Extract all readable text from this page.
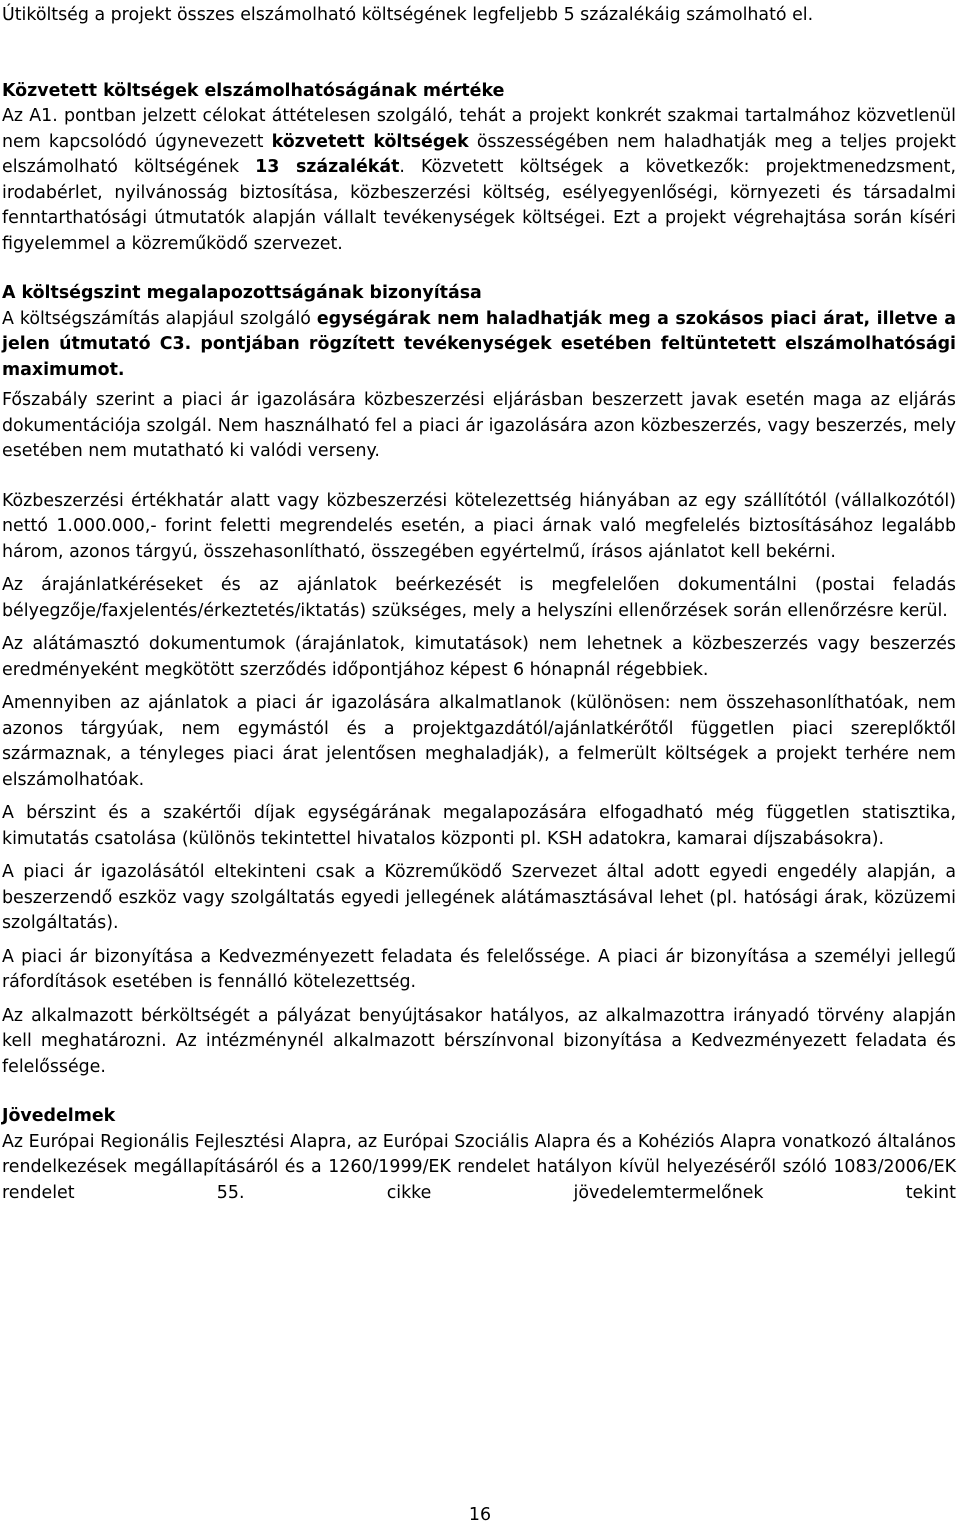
Útiköltség a projekt összes elszámolható költségének legfeljebb 5 százalékáig számolható el.

Közvetett költségek elszámolhatóságának mértéke

Az A1. pontban jelzett célokat áttételesen szolgáló, tehát a projekt konkrét szakmai tartalmához közvetlenül nem kapcsolódó úgynevezett közvetett költségek összességében nem haladhatják meg a teljes projekt elszámolható költségének 13 százalékát. Közvetett költségek a következők: projektmenedzsment, irodabérlet, nyilvánosság biztosítása, közbeszerzési költség, esélyegyenlőségi, környezeti és társadalmi fenntarthatósági útmutatók alapján vállalt tevékenységek költségei. Ezt a projekt végrehajtása során kíséri figyelemmel a közreműködő szervezet.

A költségszint megalapozottságának bizonyítása

A költségszámítás alapjául szolgáló egységárak nem haladhatják meg a szokásos piaci árat, illetve a jelen útmutató C3. pontjában rögzített tevékenységek esetében feltüntetett elszámolhatósági maximumot.

Főszabály szerint a piaci ár igazolására közbeszerzési eljárásban beszerzett javak esetén maga az eljárás dokumentációja szolgál. Nem használható fel a piaci ár igazolására azon közbeszerzés, vagy beszerzés, mely esetében nem mutatható ki valódi verseny.

Közbeszerzési értékhatár alatt vagy közbeszerzési kötelezettség hiányában az egy szállítótól (vállalkozótól) nettó 1.000.000,- forint feletti megrendelés esetén, a piaci árnak való megfelelés biztosításához legalább három, azonos tárgyú, összehasonlítható, összegében egyértelmű, írásos ajánlatot kell bekérni.

Az árajánlatkéréseket és az ajánlatok beérkezését is megfelelően dokumentálni (postai feladás bélyegzője/faxjelentés/érkeztetés/iktatás) szükséges, mely a helyszíni ellenőrzések során ellenőrzésre kerül.

Az alátámasztó dokumentumok (árajánlatok, kimutatások) nem lehetnek a közbeszerzés vagy beszerzés eredményeként megkötött szerződés időpontjához képest 6 hónapnál régebbiek.

Amennyiben az ajánlatok a piaci ár igazolására alkalmatlanok (különösen: nem összehasonlíthatóak, nem azonos tárgyúak, nem egymástól és a projektgazdától/ajánlatkérőtől független piaci szereplőktől származnak, a tényleges piaci árat jelentősen meghaladják), a felmerült költségek a projekt terhére nem elszámolhatóak.

A bérszint és a szakértői díjak egységárának megalapozására elfogadható még független statisztika, kimutatás csatolása (különös tekintettel hivatalos központi pl. KSH adatokra, kamarai díjszabásokra).

A piaci ár igazolásától eltekinteni csak a Közreműködő Szervezet által adott egyedi engedély alapján, a beszerzendő eszköz vagy szolgáltatás egyedi jellegének alátámasztásával lehet (pl. hatósági árak, közüzemi szolgáltatás).

A piaci ár bizonyítása a Kedvezményezett feladata és felelőssége. A piaci ár bizonyítása a személyi jellegű ráfordítások esetében is fennálló kötelezettség.

Az alkalmazott bérköltségét a pályázat benyújtásakor hatályos, az alkalmazottra irányadó törvény alapján kell meghatározni. Az intézménynél alkalmazott bérszínvonal bizonyítása a Kedvezményezett feladata és felelőssége.

Jövedelmek

Az Európai Regionális Fejlesztési Alapra, az Európai Szociális Alapra és a Kohéziós Alapra vonatkozó általános rendelkezések megállapításáról és a 1260/1999/EK rendelet hatályon kívül helyezéséről szóló 1083/2006/EK rendelet 55. cikke jövedelemtermelőnek tekint

16
